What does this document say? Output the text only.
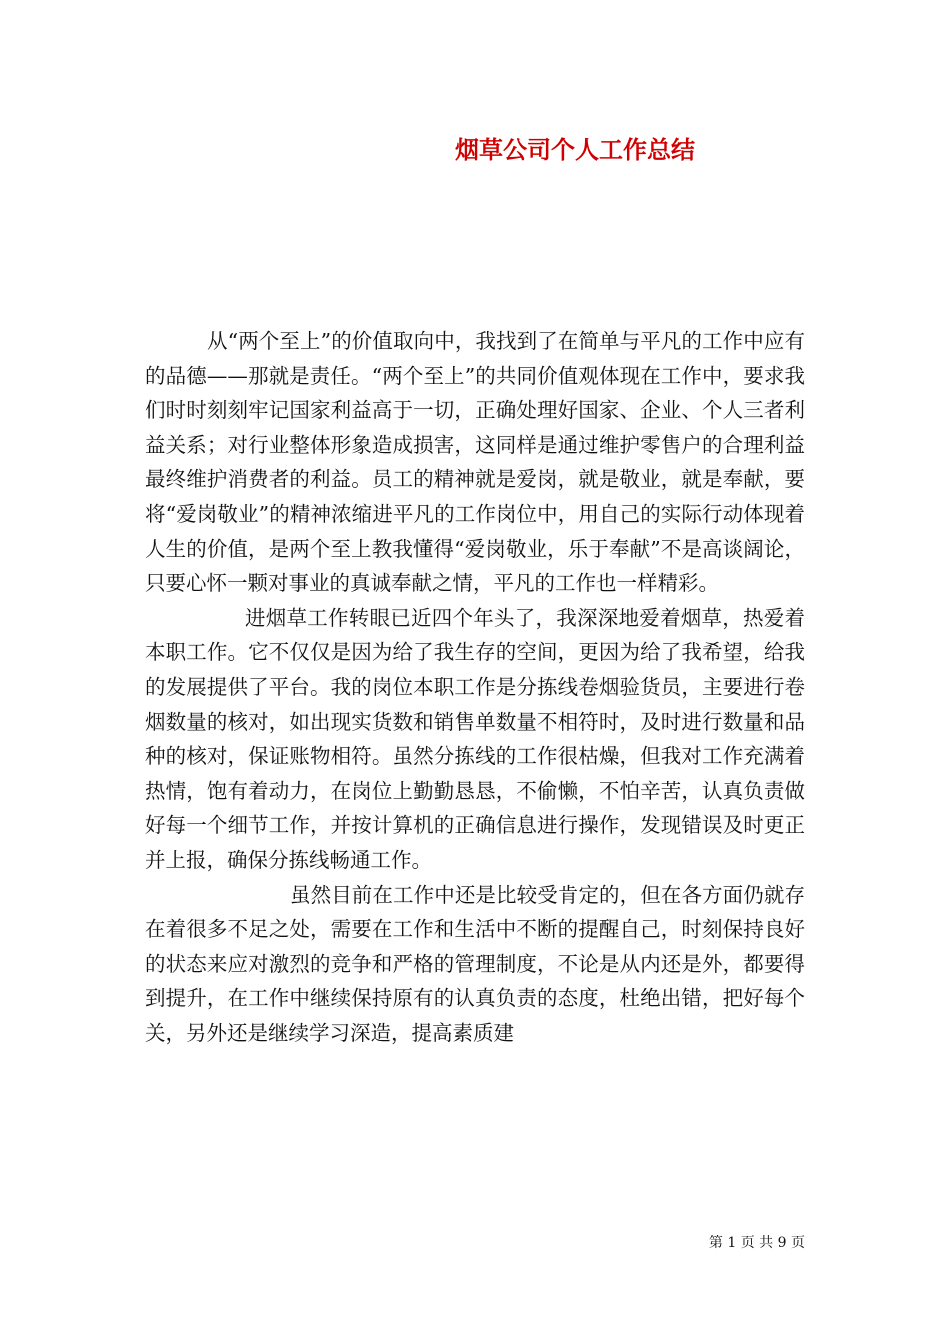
烟草公司个人工作总结

从“两个至上”的价值取向中，我找到了在简单与平凡的工作中应有的品德——那就是责任。“两个至上”的共同价值观体现在工作中，要求我们时时刻刻牢记国家利益高于一切，正确处理好国家、企业、个人三者利益关系；对行业整体形象造成损害，这同样是通过维护零售户的合理利益最终维护消费者的利益。员工的精神就是爱岗，就是敬业，就是奉献，要将“爱岗敬业”的精神浓缩进平凡的工作岗位中，用自己的实际行动体现着人生的价值，是两个至上教我懂得“爱岗敬业，乐于奉献”不是高谈阔论，只要心怀一颗对事业的真诚奉献之情，平凡的工作也一样精彩。

进烟草工作转眼已近四个年头了，我深深地爱着烟草，热爱着本职工作。它不仅仅是因为给了我生存的空间，更因为给了我希望，给我的发展提供了平台。我的岗位本职工作是分拣线卷烟验货员，主要进行卷烟数量的核对，如出现实货数和销售单数量不相符时，及时进行数量和品种的核对，保证账物相符。虽然分拣线的工作很枯燥，但我对工作充满着热情，饱有着动力，在岗位上勤勤恳恳，不偷懒，不怕辛苦，认真负责做好每一个细节工作，并按计算机的正确信息进行操作，发现错误及时更正并上报，确保分拣线畅通工作。

虽然目前在工作中还是比较受肯定的，但在各方面仍就存在着很多不足之处，需要在工作和生活中不断的提醒自己，时刻保持良好的状态来应对激烈的竞争和严格的管理制度，不论是从内还是外，都要得到提升，在工作中继续保持原有的认真负责的态度，杜绝出错，把好每个关，另外还是继续学习深造，提高素质建

第 1 页 共 9 页
